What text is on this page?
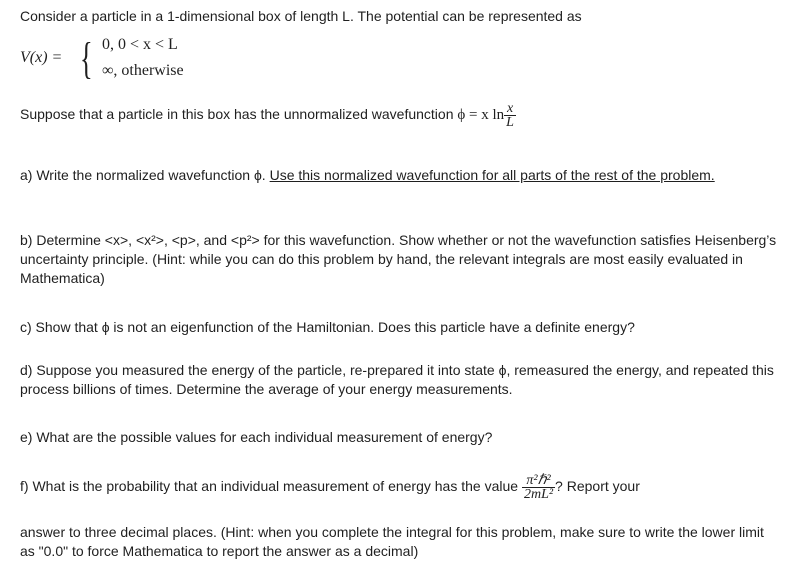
Consider a particle in a 1-dimensional box of length L. The potential can be represented as
V(x) = { 0, 0 < x < L
∞, otherwise
Suppose that a particle in this box has the unnormalized wavefunction ϕ = x $\ln \frac{x}{L}$
a) Write the normalized wavefunction ϕ. Use this normalized wavefunction for all parts of the rest of the problem.
b) Determine <x>, <x²>, <p>, and <p²> for this wavefunction. Show whether or not the wavefunction satisfies Heisenberg’s uncertainty principle. (Hint: while you can do this problem by hand, the relevant integrals are most easily evaluated in Mathematica)
c) Show that ϕ is not an eigenfunction of the Hamiltonian. Does this particle have a definite energy?
d) Suppose you measured the energy of the particle, re-prepared it into state ϕ, remeasured the energy, and repeated this process billions of times. Determine the average of your energy measurements.
e) What are the possible values for each individual measurement of energy?
f) What is the probability that an individual measurement of energy has the value $\frac{\text{π²ℏ²}}{\text{2mL²}}$ ? Report your
answer to three decimal places. (Hint: when you complete the integral for this problem, make sure to write the lower limit as "0.0" to force Mathematica to report the answer as a decimal)
